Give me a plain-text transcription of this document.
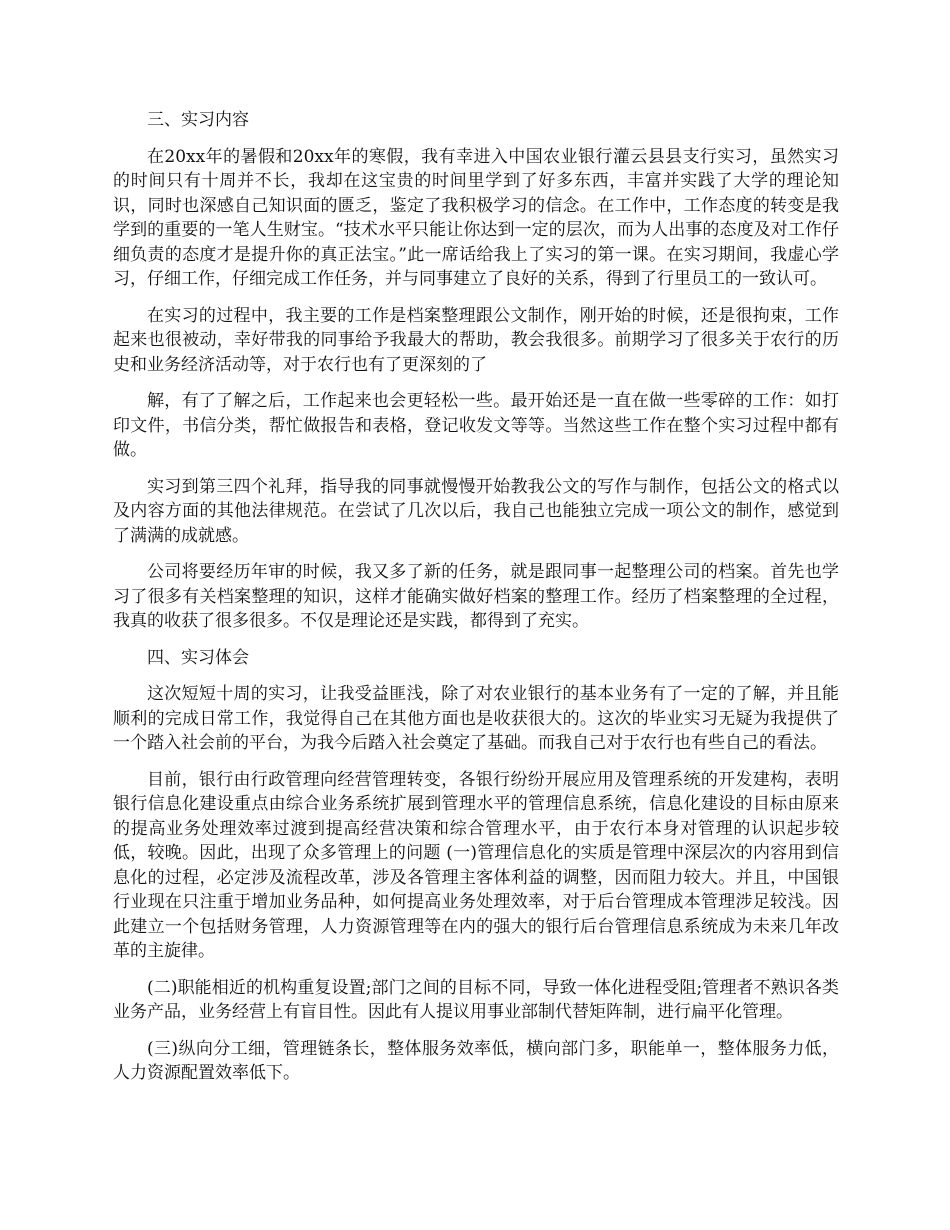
三、实习内容

在20xx年的暑假和20xx年的寒假，我有幸进入中国农业银行灌云县县支行实习，虽然实习的时间只有十周并不长，我却在这宝贵的时间里学到了好多东西，丰富并实践了大学的理论知识，同时也深感自己知识面的匮乏，鉴定了我积极学习的信念。在工作中，工作态度的转变是我学到的重要的一笔人生财宝。“技术水平只能让你达到一定的层次，而为人出事的态度及对工作仔细负责的态度才是提升你的真正法宝。”此一席话给我上了实习的第一课。在实习期间，我虚心学习，仔细工作，仔细完成工作任务，并与同事建立了良好的关系，得到了行里员工的一致认可。

在实习的过程中，我主要的工作是档案整理跟公文制作，刚开始的时候，还是很拘束，工作起来也很被动，幸好带我的同事给予我最大的帮助，教会我很多。前期学习了很多关于农行的历史和业务经济活动等，对于农行也有了更深刻的了

解，有了了解之后，工作起来也会更轻松一些。最开始还是一直在做一些零碎的工作：如打印文件，书信分类，帮忙做报告和表格，登记收发文等等。当然这些工作在整个实习过程中都有做。

实习到第三四个礼拜，指导我的同事就慢慢开始教我公文的写作与制作，包括公文的格式以及内容方面的其他法律规范。在尝试了几次以后，我自己也能独立完成一项公文的制作，感觉到了满满的成就感。

公司将要经历年审的时候，我又多了新的任务，就是跟同事一起整理公司的档案。首先也学习了很多有关档案整理的知识，这样才能确实做好档案的整理工作。经历了档案整理的全过程，我真的收获了很多很多。不仅是理论还是实践，都得到了充实。

四、实习体会

这次短短十周的实习，让我受益匪浅，除了对农业银行的基本业务有了一定的了解，并且能顺利的完成日常工作，我觉得自己在其他方面也是收获很大的。这次的毕业实习无疑为我提供了一个踏入社会前的平台，为我今后踏入社会奠定了基础。而我自己对于农行也有些自己的看法。

目前，银行由行政管理向经营管理转变，各银行纷纷开展应用及管理系统的开发建构，表明银行信息化建设重点由综合业务系统扩展到管理水平的管理信息系统，信息化建设的目标由原来的提高业务处理效率过渡到提高经营决策和综合管理水平，由于农行本身对管理的认识起步较低，较晚。因此，出现了众多管理上的问题 (一)管理信息化的实质是管理中深层次的内容用到信息化的过程，必定涉及流程改革，涉及各管理主客体利益的调整，因而阻力较大。并且，中国银行业现在只注重于增加业务品种，如何提高业务处理效率，对于后台管理成本管理涉足较浅。因此建立一个包括财务管理，人力资源管理等在内的强大的银行后台管理信息系统成为未来几年改革的主旋律。

(二)职能相近的机构重复设置;部门之间的目标不同，导致一体化进程受阻;管理者不熟识各类业务产品，业务经营上有盲目性。因此有人提议用事业部制代替矩阵制，进行扁平化管理。

(三)纵向分工细，管理链条长，整体服务效率低，横向部门多，职能单一，整体服务力低，人力资源配置效率低下。
